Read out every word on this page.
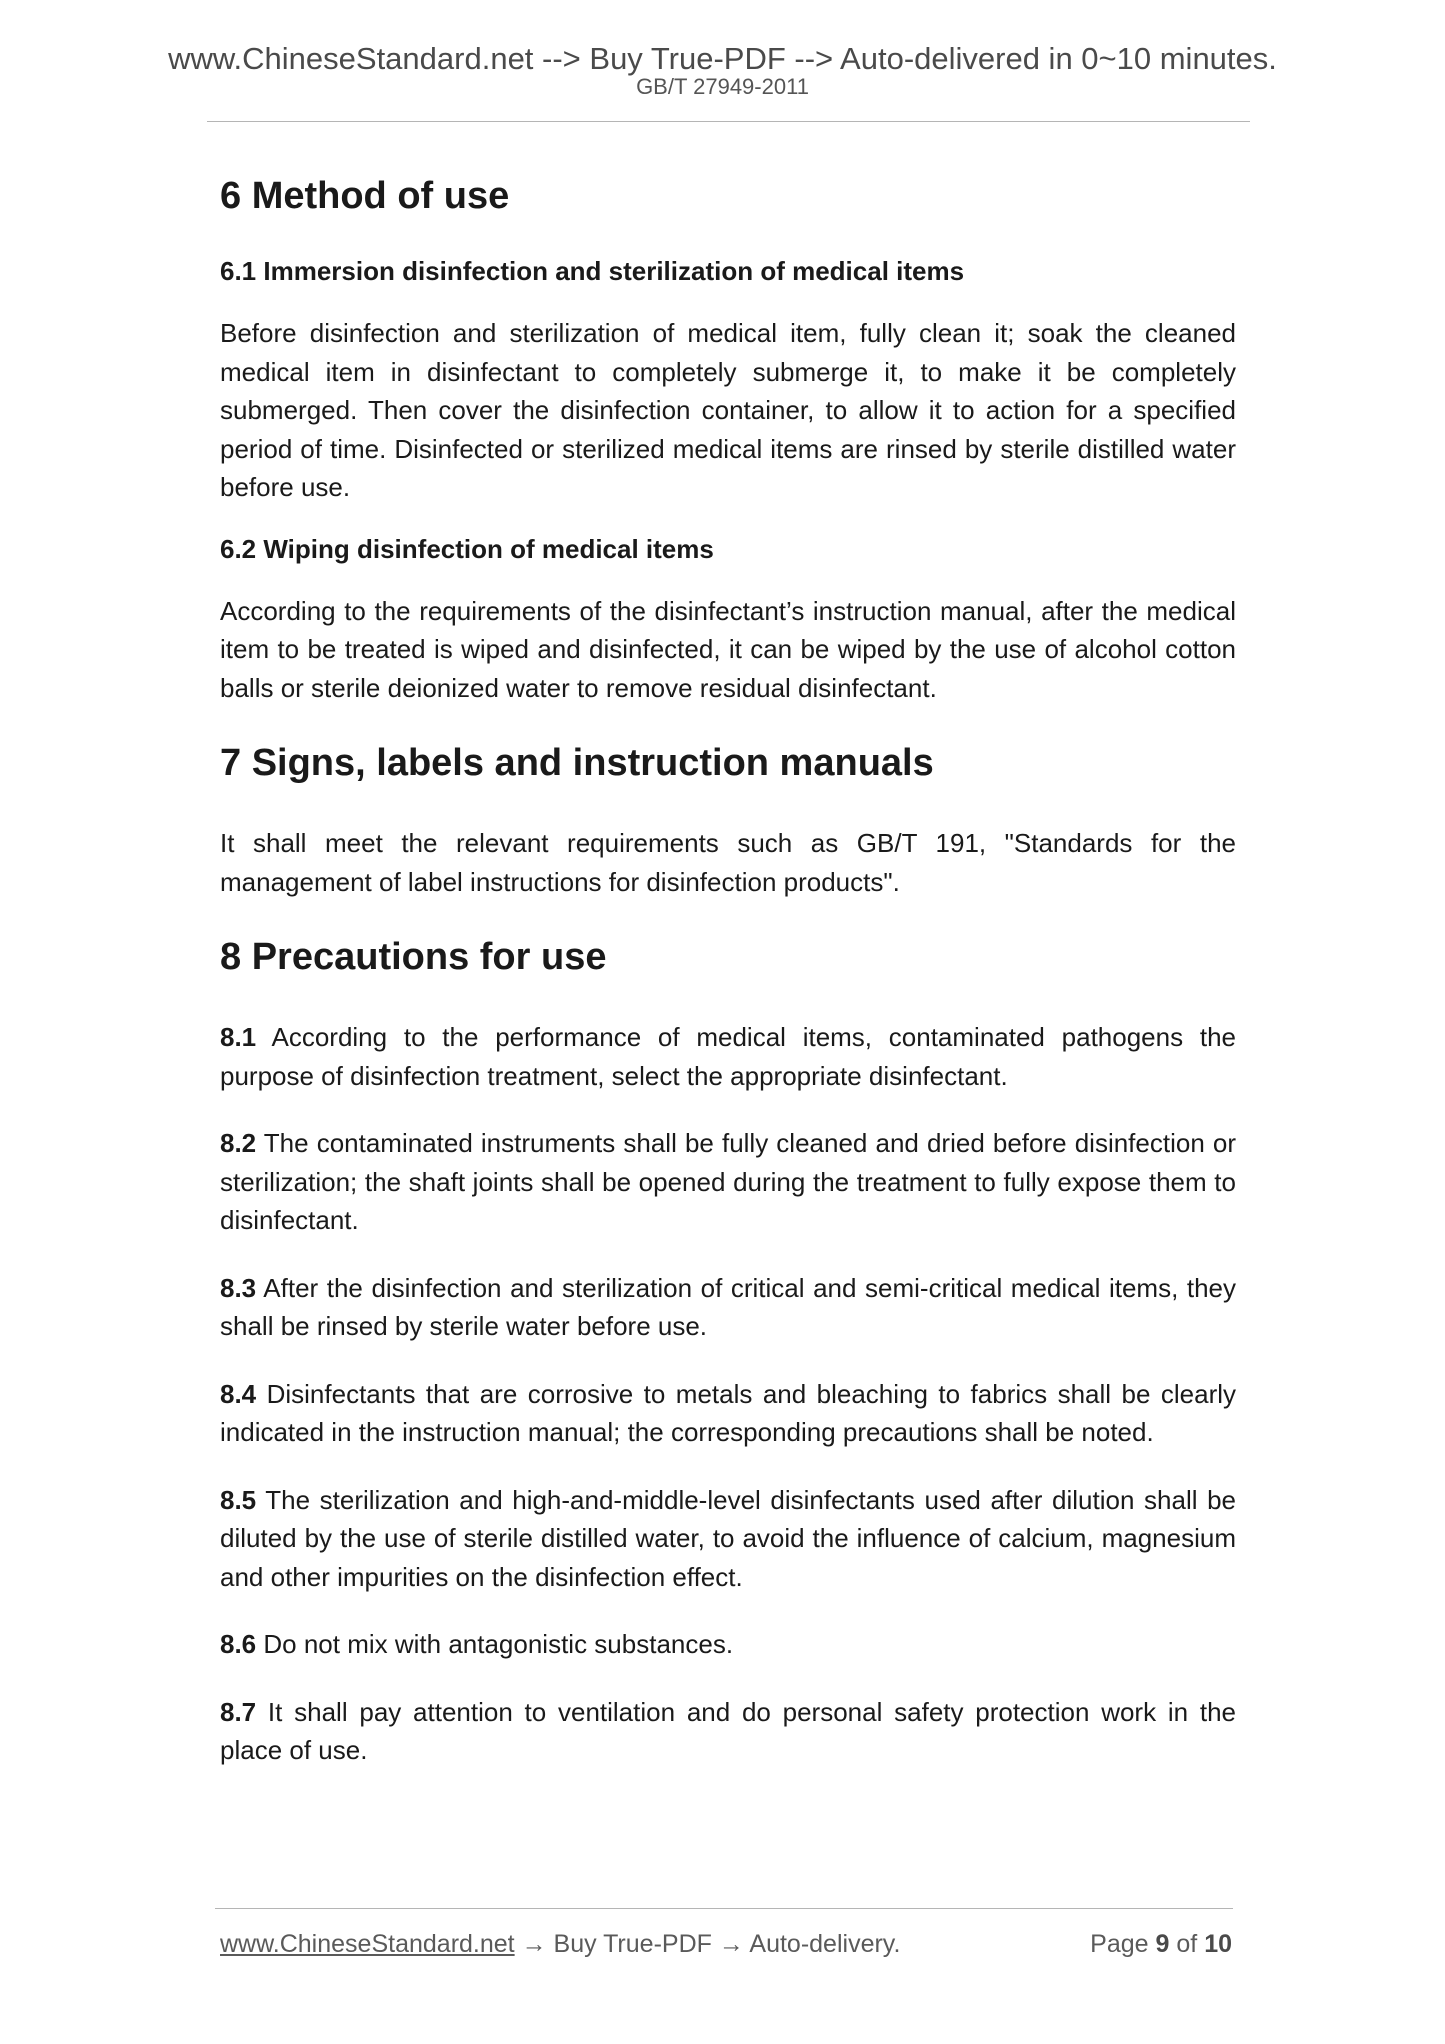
www.ChineseStandard.net --> Buy True-PDF --> Auto-delivered in 0~10 minutes.
GB/T 27949-2011
6 Method of use
6.1 Immersion disinfection and sterilization of medical items

Before disinfection and sterilization of medical item, fully clean it; soak the cleaned medical item in disinfectant to completely submerge it, to make it be completely submerged. Then cover the disinfection container, to allow it to action for a specified period of time. Disinfected or sterilized medical items are rinsed by sterile distilled water before use.

6.2 Wiping disinfection of medical items

According to the requirements of the disinfectant’s instruction manual, after the medical item to be treated is wiped and disinfected, it can be wiped by the use of alcohol cotton balls or sterile deionized water to remove residual disinfectant.

7 Signs, labels and instruction manuals

It shall meet the relevant requirements such as GB/T 191, "Standards for the management of label instructions for disinfection products".

8 Precautions for use

8.1 According to the performance of medical items, contaminated pathogens the purpose of disinfection treatment, select the appropriate disinfectant.

8.2 The contaminated instruments shall be fully cleaned and dried before disinfection or sterilization; the shaft joints shall be opened during the treatment to fully expose them to disinfectant.

8.3 After the disinfection and sterilization of critical and semi-critical medical items, they shall be rinsed by sterile water before use.

8.4 Disinfectants that are corrosive to metals and bleaching to fabrics shall be clearly indicated in the instruction manual; the corresponding precautions shall be noted.

8.5 The sterilization and high-and-middle-level disinfectants used after dilution shall be diluted by the use of sterile distilled water, to avoid the influence of calcium, magnesium and other impurities on the disinfection effect.

8.6 Do not mix with antagonistic substances.

8.7 It shall pay attention to ventilation and do personal safety protection work in the place of use.

www.ChineseStandard.net → Buy True-PDF → Auto-delivery.	Page 9 of 10
